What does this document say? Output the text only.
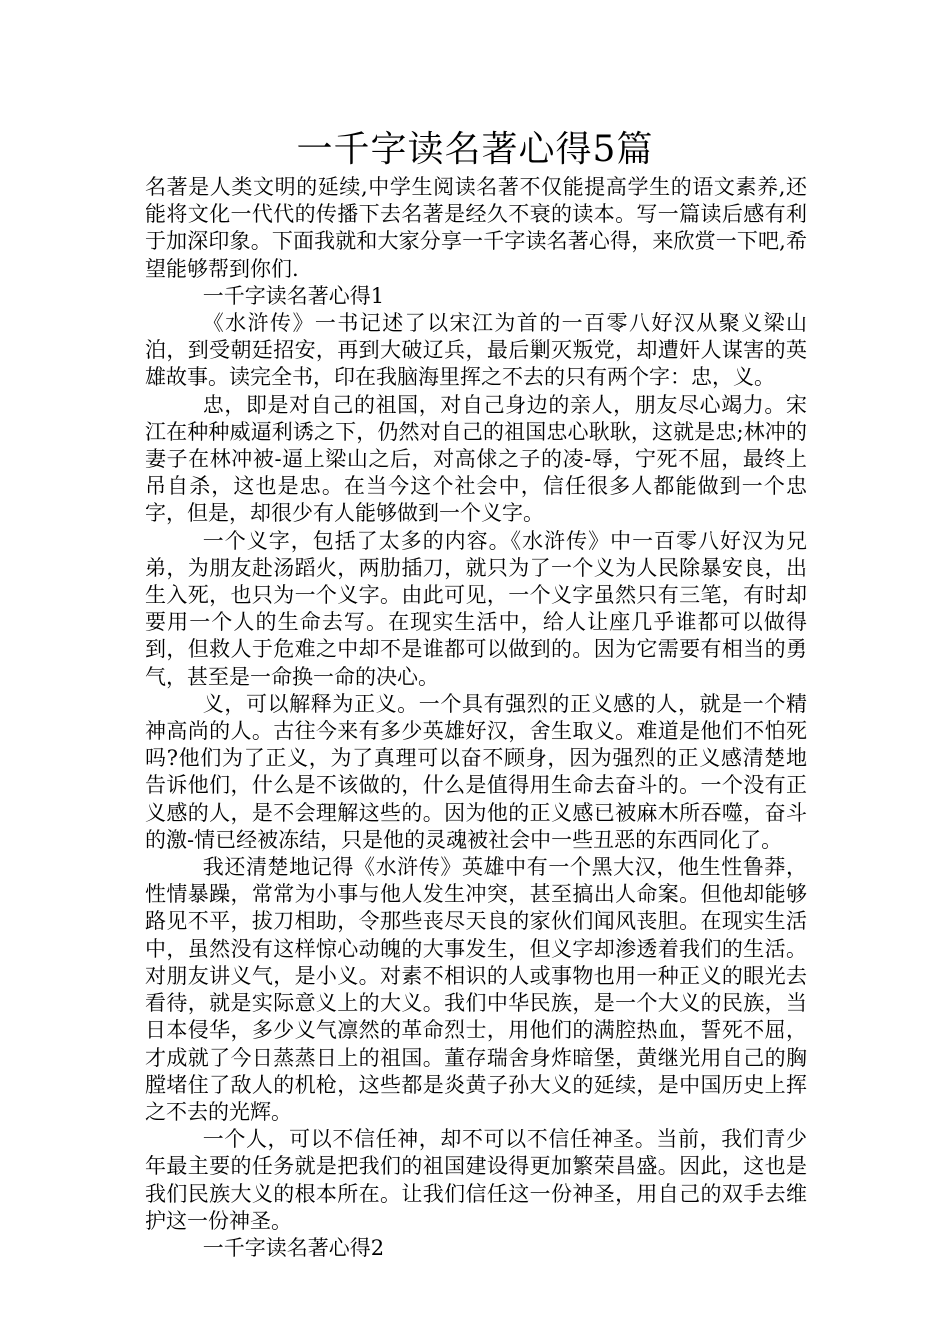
一千字读名著心得5篇

名著是人类文明的延续,中学生阅读名著不仅能提高学生的语文素养,还能将文化一代代的传播下去名著是经久不衰的读本。写一篇读后感有利于加深印象。下面我就和大家分享一千字读名著心得，来欣赏一下吧,希望能够帮到你们.

一千字读名著心得1

《水浒传》一书记述了以宋江为首的一百零八好汉从聚义梁山泊，到受朝廷招安，再到大破辽兵，最后剿灭叛党，却遭奸人谋害的英雄故事。读完全书，印在我脑海里挥之不去的只有两个字：忠，义。

忠，即是对自己的祖国，对自己身边的亲人，朋友尽心竭力。宋江在种种威逼利诱之下，仍然对自己的祖国忠心耿耿，这就是忠;林冲的妻子在林冲被-逼上梁山之后，对高俅之子的凌-辱，宁死不屈，最终上吊自杀，这也是忠。在当今这个社会中，信任很多人都能做到一个忠字，但是，却很少有人能够做到一个义字。

一个义字，包括了太多的内容。《水浒传》中一百零八好汉为兄弟，为朋友赴汤蹈火，两肋插刀，就只为了一个义为人民除暴安良，出生入死，也只为一个义字。由此可见，一个义字虽然只有三笔，有时却要用一个人的生命去写。在现实生活中，给人让座几乎谁都可以做得到，但救人于危难之中却不是谁都可以做到的。因为它需要有相当的勇气，甚至是一命换一命的决心。

义，可以解释为正义。一个具有强烈的正义感的人，就是一个精神高尚的人。古往今来有多少英雄好汉，舍生取义。难道是他们不怕死吗?他们为了正义，为了真理可以奋不顾身，因为强烈的正义感清楚地告诉他们，什么是不该做的，什么是值得用生命去奋斗的。一个没有正义感的人，是不会理解这些的。因为他的正义感已被麻木所吞噬，奋斗的激-情已经被冻结，只是他的灵魂被社会中一些丑恶的东西同化了。

我还清楚地记得《水浒传》英雄中有一个黑大汉，他生性鲁莽，性情暴躁，常常为小事与他人发生冲突，甚至搞出人命案。但他却能够路见不平，拔刀相助，令那些丧尽天良的家伙们闻风丧胆。在现实生活中，虽然没有这样惊心动魄的大事发生，但义字却渗透着我们的生活。对朋友讲义气，是小义。对素不相识的人或事物也用一种正义的眼光去看待，就是实际意义上的大义。我们中华民族，是一个大义的民族，当日本侵华，多少义气凛然的革命烈士，用他们的满腔热血，誓死不屈，才成就了今日蒸蒸日上的祖国。董存瑞舍身炸暗堡，黄继光用自己的胸膛堵住了敌人的机枪，这些都是炎黄子孙大义的延续，是中国历史上挥之不去的光辉。

一个人，可以不信任神，却不可以不信任神圣。当前，我们青少年最主要的任务就是把我们的祖国建设得更加繁荣昌盛。因此，这也是我们民族大义的根本所在。让我们信任这一份神圣，用自己的双手去维护这一份神圣。

一千字读名著心得2
